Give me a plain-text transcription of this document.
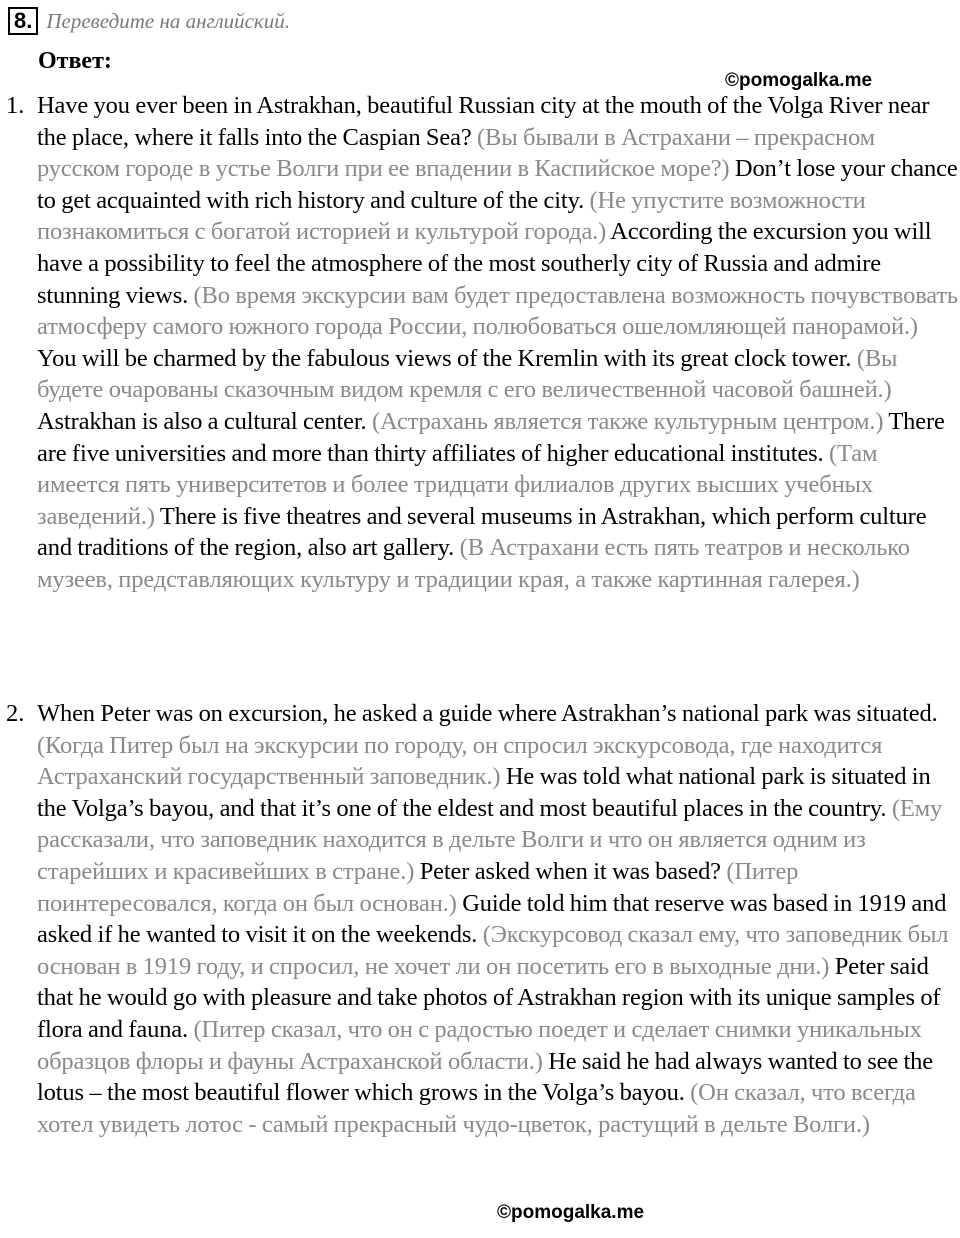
8. Переведите на английский.
Ответ:
©pomogalka.me
1. Have you ever been in Astrakhan, beautiful Russian city at the mouth of the Volga River near the place, where it falls into the Caspian Sea? (Вы бывали в Астрахани – прекрасном русском городе в устье Волги при ее впадении в Каспийское море?) Don’t lose your chance to get acquainted with rich history and culture of the city. (Не упустите возможности познакомиться с богатой историей и культурой города.) According the excursion you will have a possibility to feel the atmosphere of the most southerly city of Russia and admire stunning views. (Во время экскурсии вам будет предоставлена возможность почувствовать атмосферу самого южного города России, полюбоваться ошеломляющей панорамой.) You will be charmed by the fabulous views of the Kremlin with its great clock tower. (Вы будете очарованы сказочным видом кремля с его величественной часовой башней.) Astrakhan is also a cultural center. (Астрахань является также культурным центром.) There are five universities and more than thirty affiliates of higher educational institutes. (Там имеется пять университетов и более тридцати филиалов других высших учебных заведений.) There is five theatres and several museums in Astrakhan, which perform culture and traditions of the region, also art gallery. (В Астрахани есть пять театров и несколько музеев, представляющих культуру и традиции края, а также картинная галерея.)
2. When Peter was on excursion, he asked a guide where Astrakhan’s national park was situated. (Когда Питер был на экскурсии по городу, он спросил экскурсовода, где находится Астраханский государственный заповедник.) He was told what national park is situated in the Volga’s bayou, and that it’s one of the eldest and most beautiful places in the country. (Ему рассказали, что заповедник находится в дельте Волги и что он является одним из старейших и красивейших в стране.) Peter asked when it was based? (Питер поинтересовался, когда он был основан.) Guide told him that reserve was based in 1919 and asked if he wanted to visit it on the weekends. (Экскурсовод сказал ему, что заповедник был основан в 1919 году, и спросил, не хочет ли он посетить его в выходные дни.) Peter said that he would go with pleasure and take photos of Astrakhan region with its unique samples of flora and fauna. (Питер сказал, что он с радостью поедет и сделает снимки уникальных образцов флоры и фауны Астраханской области.) He said he had always wanted to see the lotus – the most beautiful flower which grows in the Volga’s bayou. (Он сказал, что всегда хотел увидеть лотос - самый прекрасный чудо-цветок, растущий в дельте Волги.)
©pomogalka.me
